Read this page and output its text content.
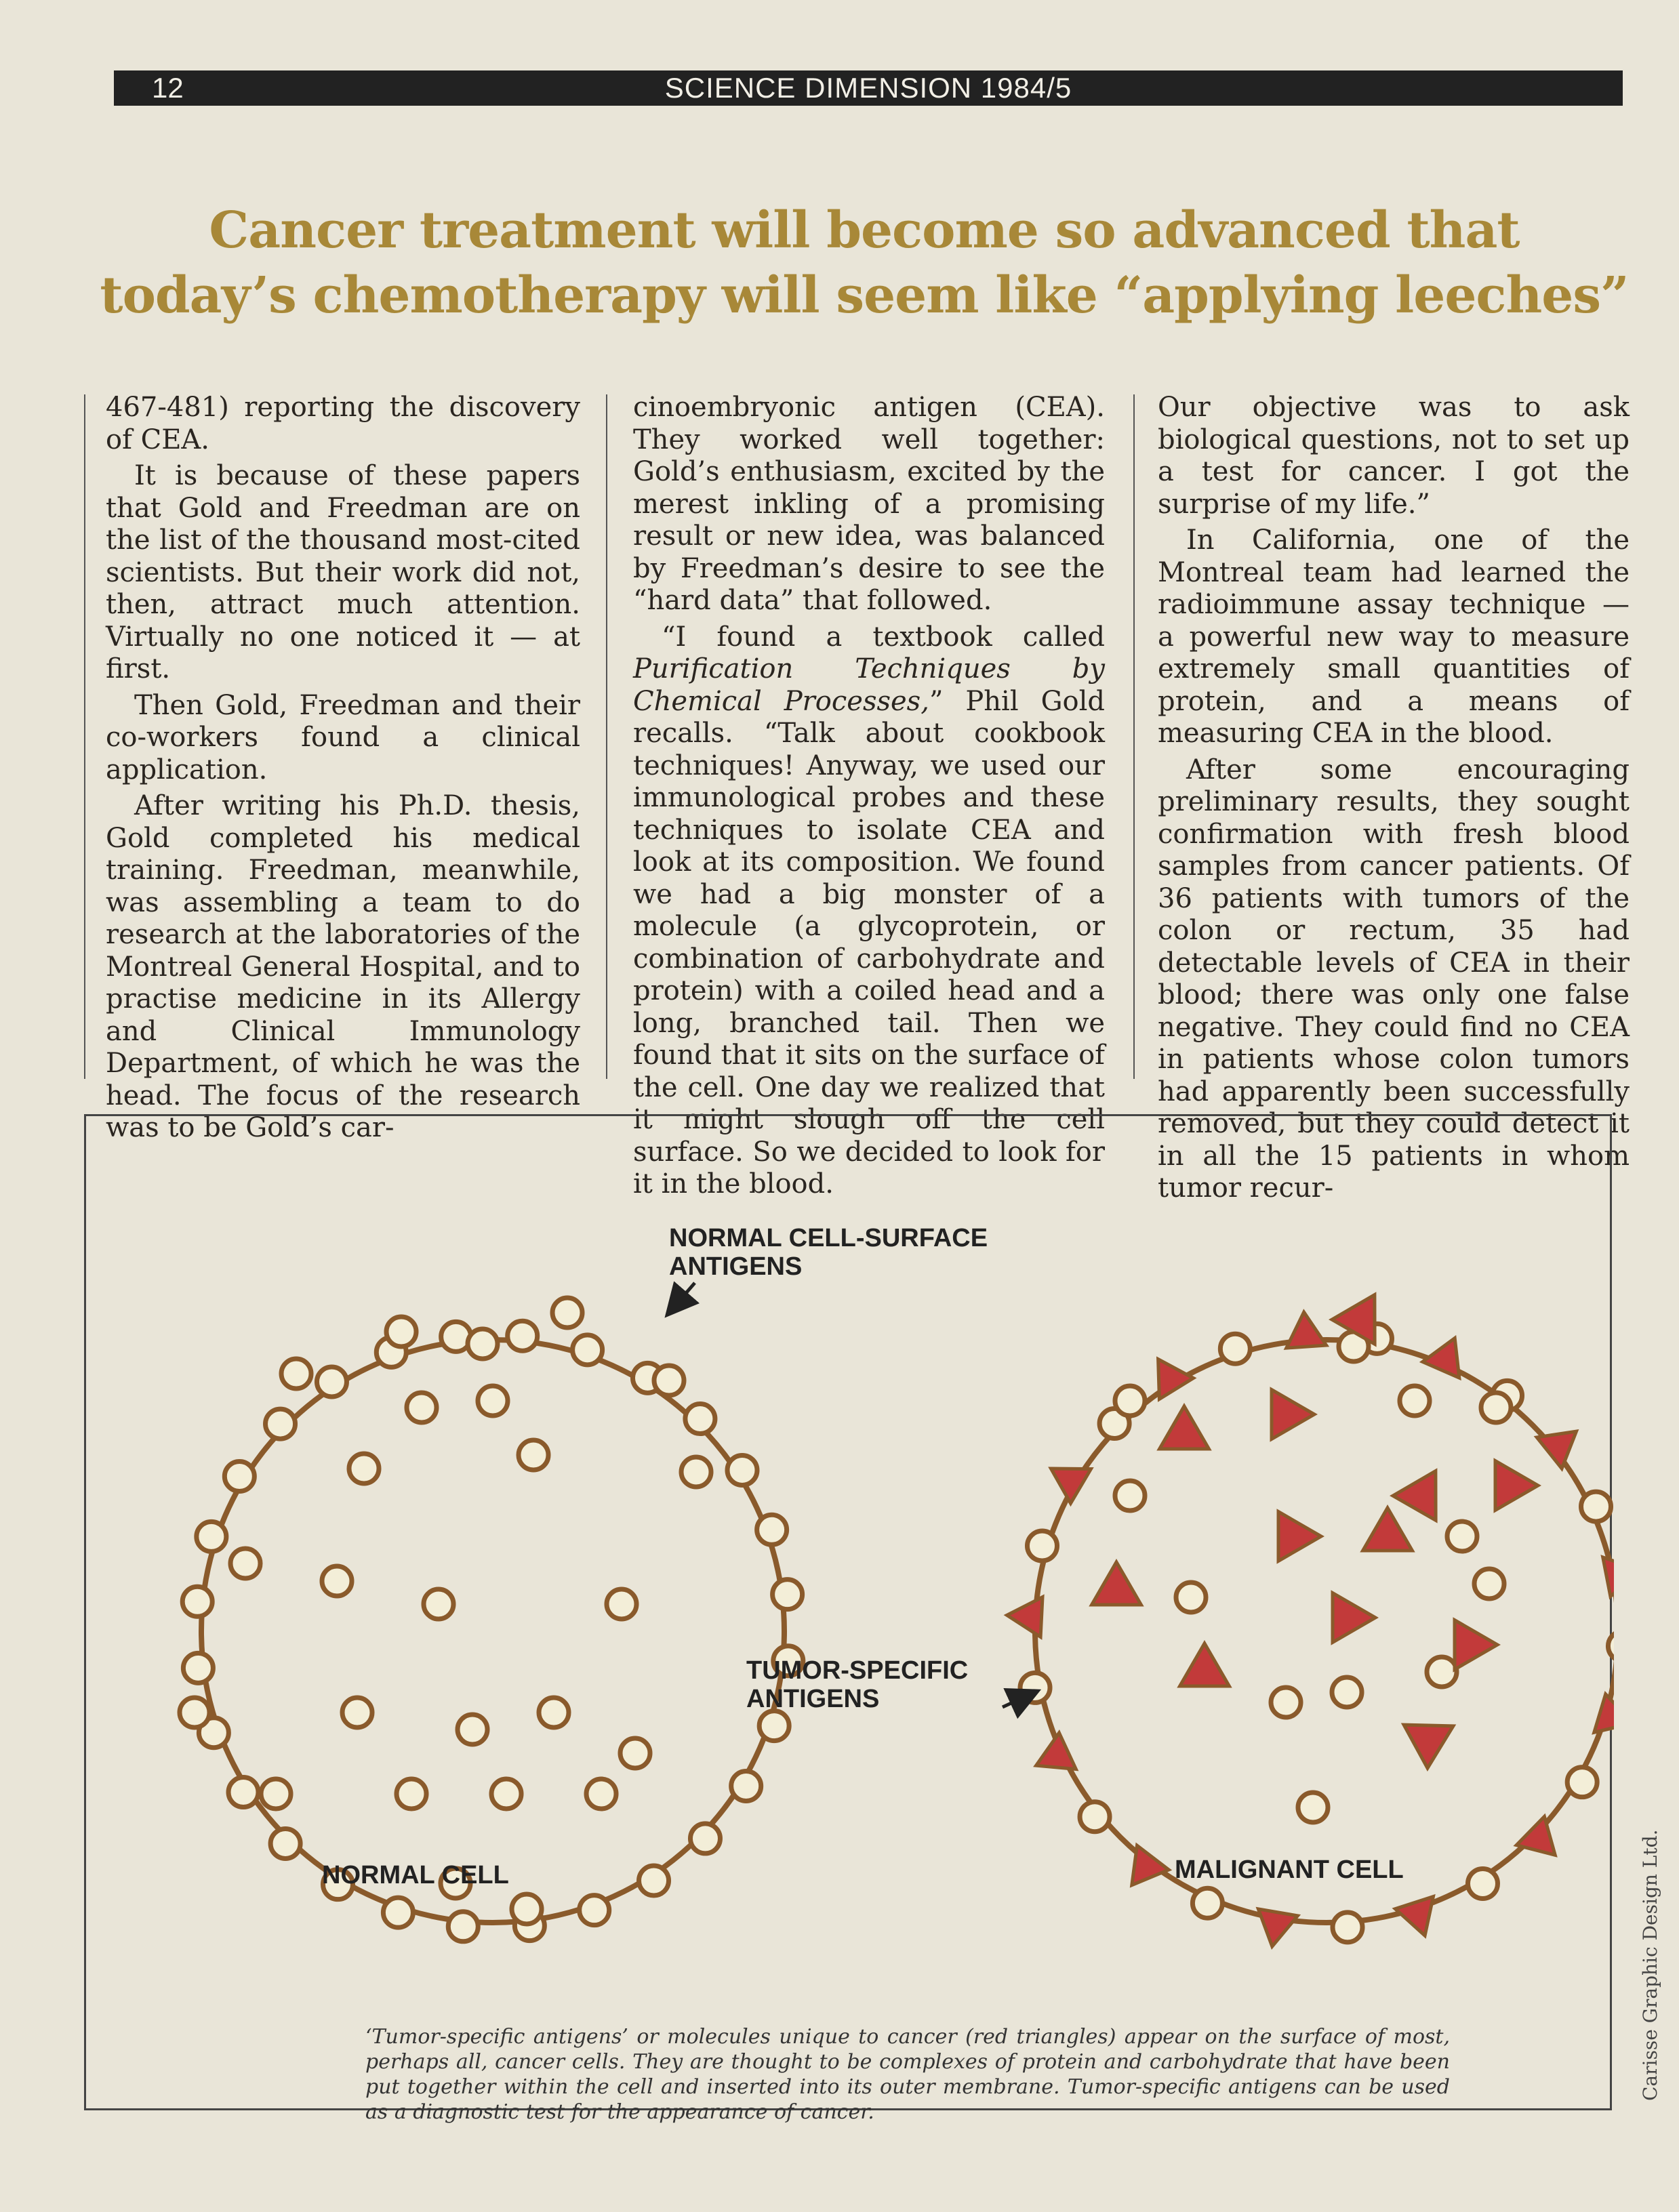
12	SCIENCE DIMENSION 1984/5
Cancer treatment will become so advanced that
today’s chemotherapy will seem like “applying leeches”

467-481) reporting the discovery of CEA.

It is because of these papers that Gold and Freedman are on the list of the thousand most-cited scientists. But their work did not, then, attract much attention. Virtually no one noticed it — at first.

Then Gold, Freedman and their co-workers found a clinical application.

After writing his Ph.D. thesis, Gold completed his medical training. Freedman, meanwhile, was assembling a team to do research at the laboratories of the Montreal General Hospital, and to practise medicine in its Allergy and Clinical Immunology Department, of which he was the head. The focus of the research was to be Gold’s car-

cinoembryonic antigen (CEA). They worked well together: Gold’s enthusiasm, excited by the merest inkling of a promising result or new idea, was balanced by Freedman’s desire to see the “hard data” that followed.

“I found a textbook called Purification Techniques by Chemical Processes,” Phil Gold recalls. “Talk about cookbook techniques! Anyway, we used our immunological probes and these techniques to isolate CEA and look at its composition. We found we had a big monster of a molecule (a glycoprotein, or combination of carbohydrate and protein) with a coiled head and a long, branched tail. Then we found that it sits on the surface of the cell. One day we realized that it might slough off the cell surface. So we decided to look for it in the blood.

Our objective was to ask biological questions, not to set up a test for cancer. I got the surprise of my life.”

In California, one of the Montreal team had learned the radioimmune assay technique — a powerful new way to measure extremely small quantities of protein, and a means of measuring CEA in the blood.

After some encouraging preliminary results, they sought confirmation with fresh blood samples from cancer patients. Of 36 patients with tumors of the colon or rectum, 35 had detectable levels of CEA in their blood; there was only one false negative. They could find no CEA in patients whose colon tumors had apparently been successfully removed, but they could detect it in all the 15 patients in whom tumor recur-

NORMAL CELL-SURFACE
ANTIGENS
TUMOR-SPECIFIC
ANTIGENS
NORMAL CELL	MALIGNANT CELL
‘Tumor-specific antigens’ or molecules unique to cancer (red triangles) appear on the surface of most, perhaps all, cancer cells. They are thought to be complexes of protein and carbohydrate that have been put together within the cell and inserted into its outer membrane. Tumor-specific antigens can be used as a diagnostic test for the appearance of cancer.
Carisse Graphic Design Ltd.
